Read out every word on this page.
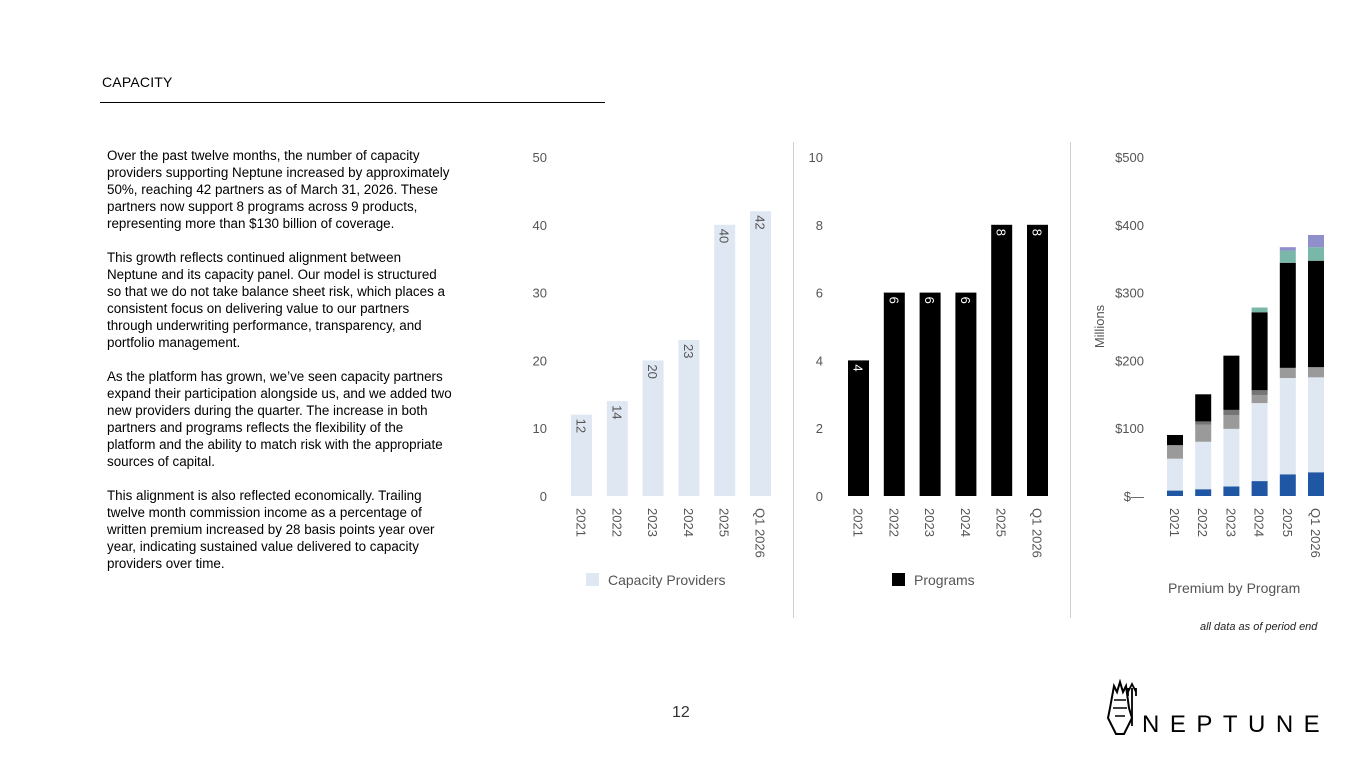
CAPACITY

Over the past twelve months, the number of capacity providers supporting Neptune increased by approximately 50%, reaching 42 partners as of March 31, 2026. These partners now support 8 programs across 9 products, representing more than $130 billion of coverage.

This growth reflects continued alignment between Neptune and its capacity panel. Our model is structured so that we do not take balance sheet risk, which places a consistent focus on delivering value to our partners through underwriting performance, transparency, and portfolio management.

As the platform has grown, we’ve seen capacity partners expand their participation alongside us, and we added two new providers during the quarter. The increase in both partners and programs reflects the flexibility of the platform and the ability to match risk with the appropriate sources of capital.

This alignment is also reflected economically. Trailing twelve month commission income as a percentage of written premium increased by 28 basis points year over year, indicating sustained value delivered to capacity providers over time.

0
10
20
30
40
50
12
2021
14
2022
20
2023
23
2024
40
2025
42
Q1 2026
Capacity Providers
0
2
4
6
8
10
4
2021
6
2022
6
2023
6
2024
8
2025
8
Q1 2026
Programs
$—
$100
$200
$300
$400
$500
Millions
2021 2022 2023 2024 2025 Q1 2026
Premium by Program
all data as of period end
12	NEPTUNE
